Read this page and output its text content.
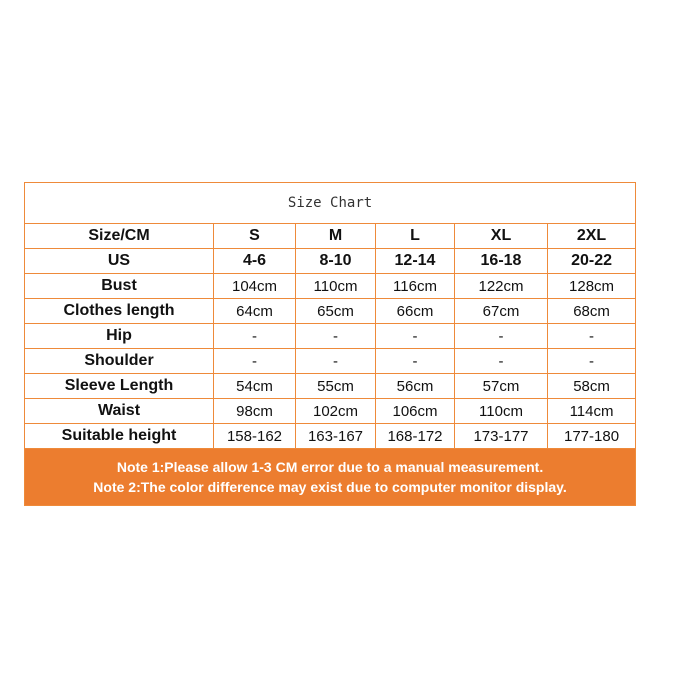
Size Chart					
Size/CM	S	M	L	XL	2XL
US	4-6	8-10	12-14	16-18	20-22
Bust	104cm	110cm	116cm	122cm	128cm
Clothes length	64cm	65cm	66cm	67cm	68cm
Hip	-	-	-	-	-
Shoulder	-	-	-	-	-
Sleeve Length	54cm	55cm	56cm	57cm	58cm
Waist	98cm	102cm	106cm	110cm	114cm
Suitable height	158-162	163-167	168-172	173-177	177-180

Note 1:Please allow 1-3 CM error due to a manual measurement.
Note 2:The color difference may exist due to computer monitor display.					
